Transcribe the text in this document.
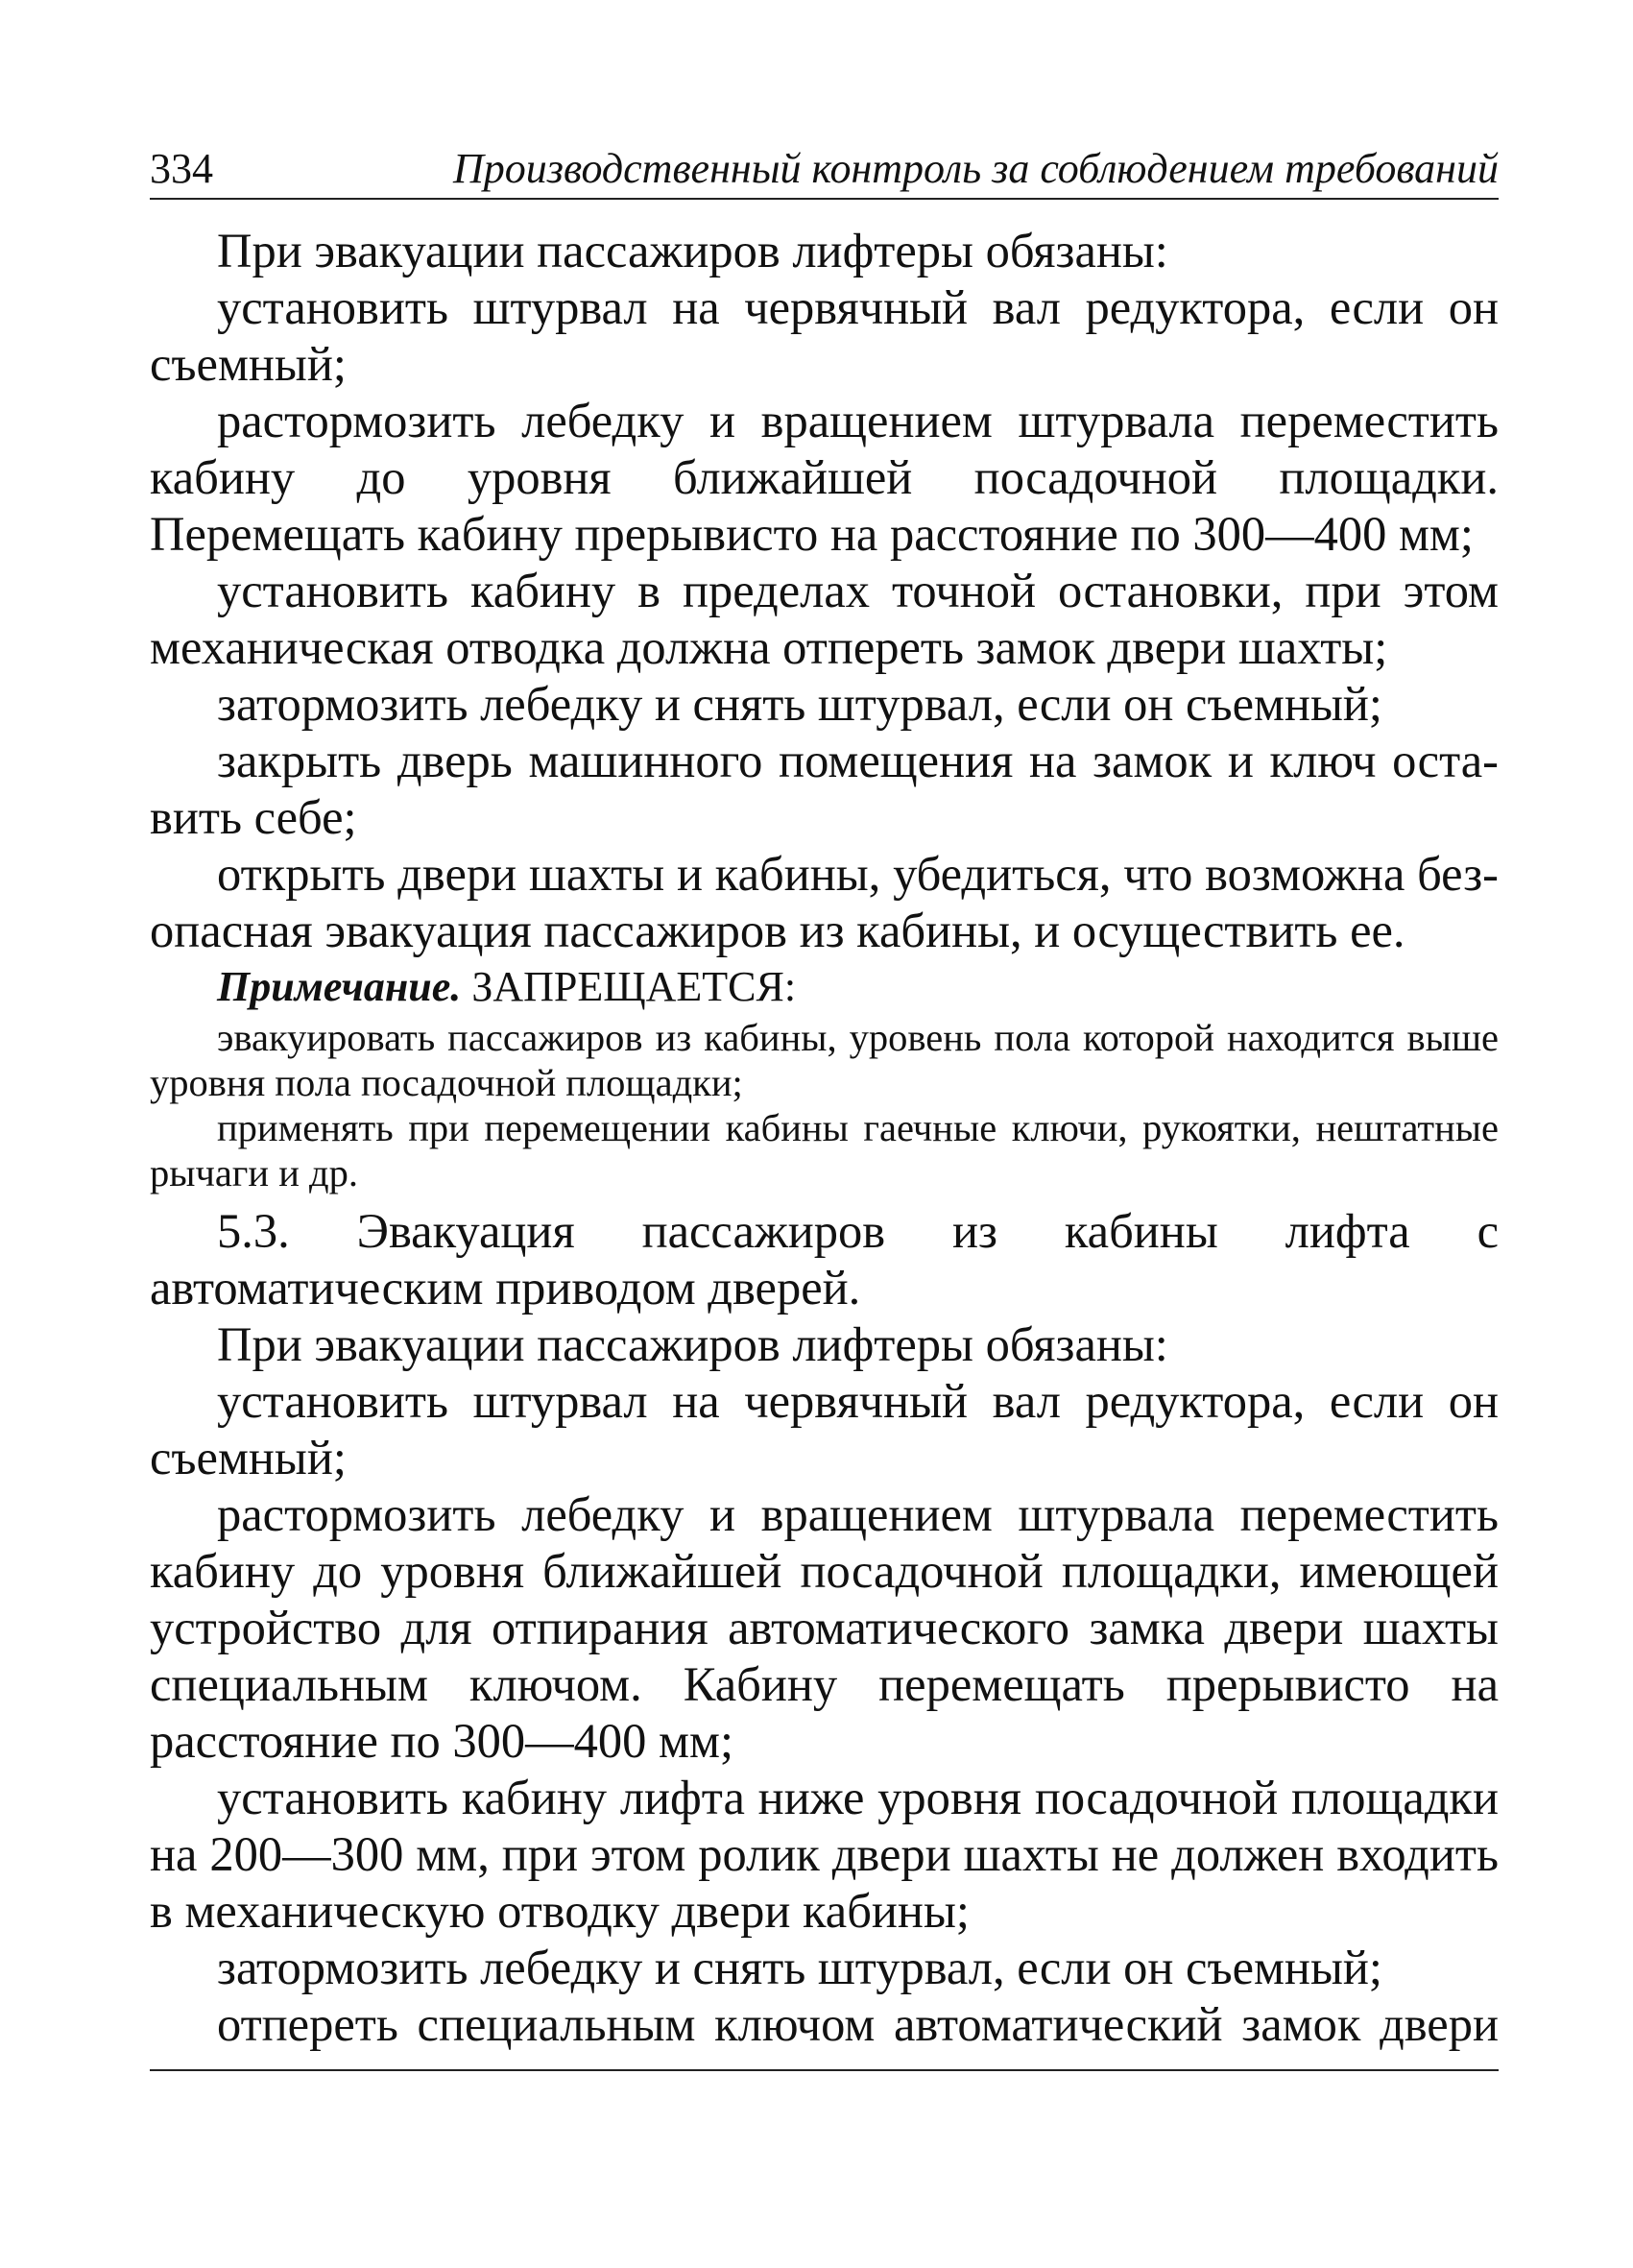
334	Производственный контроль за соблюдением требований

При эвакуации пассажиров лифтеры обязаны:

установить штурвал на червячный вал редуктора, если он съемный;

растормозить лебедку и вращением штурвала переместить кабину до уровня ближайшей посадочной площадки. Перемещать кабину прерывисто на расстояние по 300—400 мм;

установить кабину в пределах точной остановки, при этом механическая отводка должна отпереть замок двери шахты;

затормозить лебедку и снять штурвал, если он съемный;

закрыть дверь машинного помещения на замок и ключ оставить себе;

открыть двери шахты и кабины, убедиться, что возможна безопасная эвакуация пассажиров из кабины, и осуществить ее.

Примечание. ЗАПРЕЩАЕТСЯ:

эвакуировать пассажиров из кабины, уровень пола которой находится выше уровня пола посадочной площадки;

применять при перемещении кабины гаечные ключи, рукоятки, нештатные рычаги и др.

5.3. Эвакуация пассажиров из кабины лифта с автоматическим приводом дверей.

При эвакуации пассажиров лифтеры обязаны:

установить штурвал на червячный вал редуктора, если он съемный;

растормозить лебедку и вращением штурвала переместить кабину до уровня ближайшей посадочной площадки, имеющей устройство для отпирания автоматического замка двери шахты специальным ключом. Кабину перемещать прерывисто на расстояние по 300—400 мм;

установить кабину лифта ниже уровня посадочной площадки на 200—300 мм, при этом ролик двери шахты не должен входить в механическую отводку двери кабины;

затормозить лебедку и снять штурвал, если он съемный;

отпереть специальным ключом автоматический замок двери
